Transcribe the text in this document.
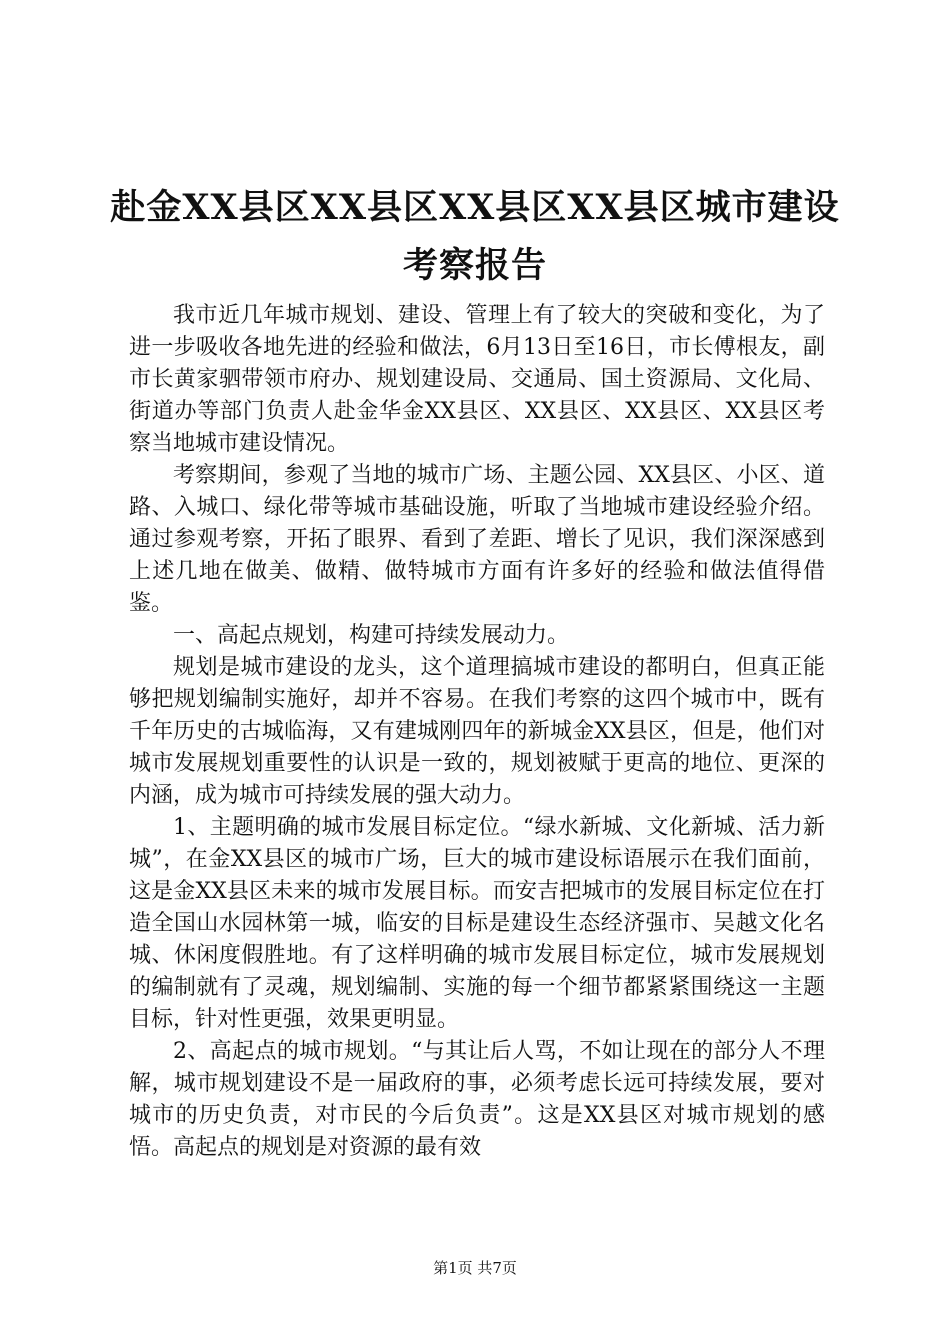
赴金XX县区XX县区XX县区XX县区城市建设
考察报告

我市近几年城市规划、建设、管理上有了较大的突破和变化，为了进一步吸收各地先进的经验和做法，6月13日至16日，市长傅根友，副市长黄家驷带领市府办、规划建设局、交通局、国土资源局、文化局、街道办等部门负责人赴金华金XX县区、XX县区、XX县区、XX县区考察当地城市建设情况。

考察期间，参观了当地的城市广场、主题公园、XX县区、小区、道路、入城口、绿化带等城市基础设施，听取了当地城市建设经验介绍。通过参观考察，开拓了眼界、看到了差距、增长了见识，我们深深感到上述几地在做美、做精、做特城市方面有许多好的经验和做法值得借鉴。

一、高起点规划，构建可持续发展动力。

规划是城市建设的龙头，这个道理搞城市建设的都明白，但真正能够把规划编制实施好，却并不容易。在我们考察的这四个城市中，既有千年历史的古城临海，又有建城刚四年的新城金XX县区，但是，他们对城市发展规划重要性的认识是一致的，规划被赋于更高的地位、更深的内涵，成为城市可持续发展的强大动力。

1、主题明确的城市发展目标定位。“绿水新城、文化新城、活力新城”，在金XX县区的城市广场，巨大的城市建设标语展示在我们面前，这是金XX县区未来的城市发展目标。而安吉把城市的发展目标定位在打造全国山水园林第一城，临安的目标是建设生态经济强市、吴越文化名城、休闲度假胜地。有了这样明确的城市发展目标定位，城市发展规划的编制就有了灵魂，规划编制、实施的每一个细节都紧紧围绕这一主题目标，针对性更强，效果更明显。

2、高起点的城市规划。“与其让后人骂，不如让现在的部分人不理解，城市规划建设不是一届政府的事，必须考虑长远可持续发展，要对城市的历史负责，对市民的今后负责”。这是XX县区对城市规划的感悟。高起点的规划是对资源的最有效

第1页 共7页
